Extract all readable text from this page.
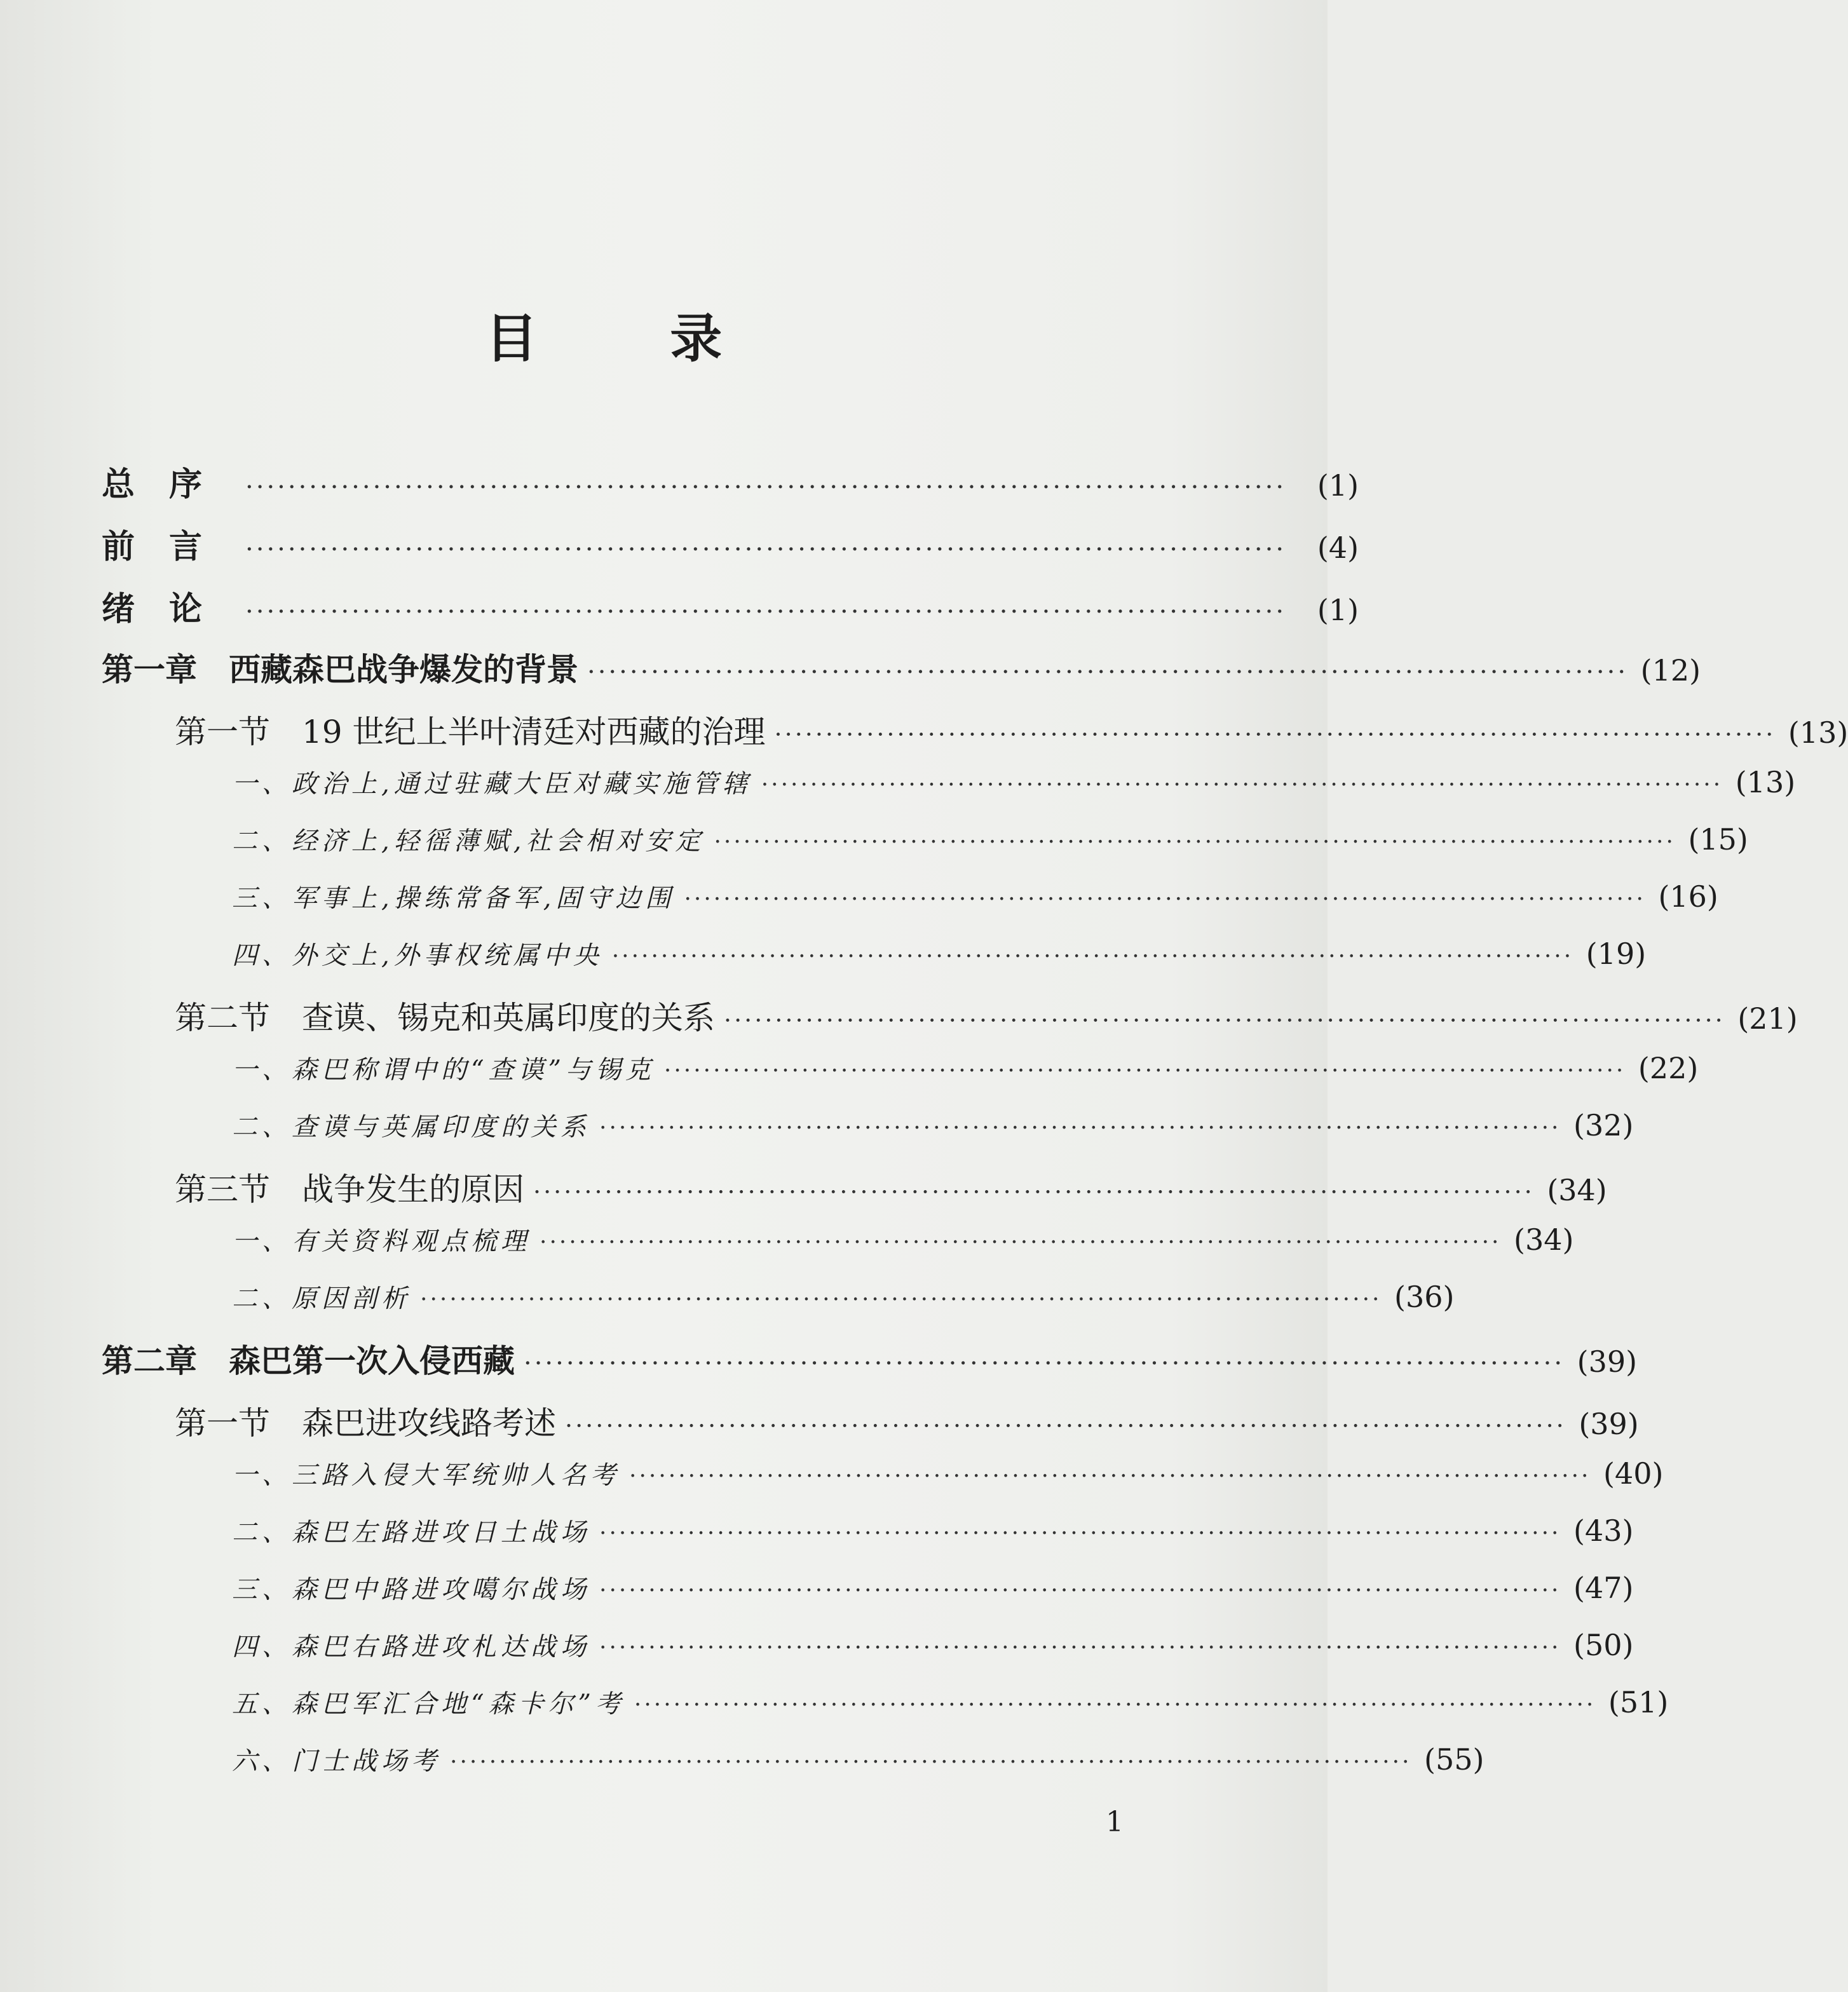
目 录
总序 ··································································································	(1)
前言 ··································································································	(4)
绪论 ··································································································	(1)
第一章　西藏森巴战争爆发的背景 ·································································································· (12)
第一节　19 世纪上半叶清廷对西藏的治理 ·································································································· (13)
一、政治上,通过驻藏大臣对藏实施管辖 ·································································································· (13)
二、经济上,轻徭薄赋,社会相对安定 ·································································································· (15)
三、军事上,操练常备军,固守边围 ·································································································· (16)
四、外交上,外事权统属中央 ·································································································· (19)
第二节　查谟、锡克和英属印度的关系 ·································································································· (21)
一、森巴称谓中的“查谟”与锡克 ·································································································· (22)
二、查谟与英属印度的关系 ·································································································· (32)
第三节　战争发生的原因 ·································································································· (34)
一、有关资料观点梳理 ·································································································· (34)
二、原因剖析 ·································································································· (36)
第二章　森巴第一次入侵西藏 ·································································································· (39)
第一节　森巴进攻线路考述 ·································································································· (39)
一、三路入侵大军统帅人名考 ·································································································· (40)
二、森巴左路进攻日土战场 ·································································································· (43)
三、森巴中路进攻噶尔战场 ·································································································· (47)
四、森巴右路进攻札达战场 ·································································································· (50)
五、森巴军汇合地“森卡尔”考 ·································································································· (51)
六、门士战场考 ·································································································· (55)
1
